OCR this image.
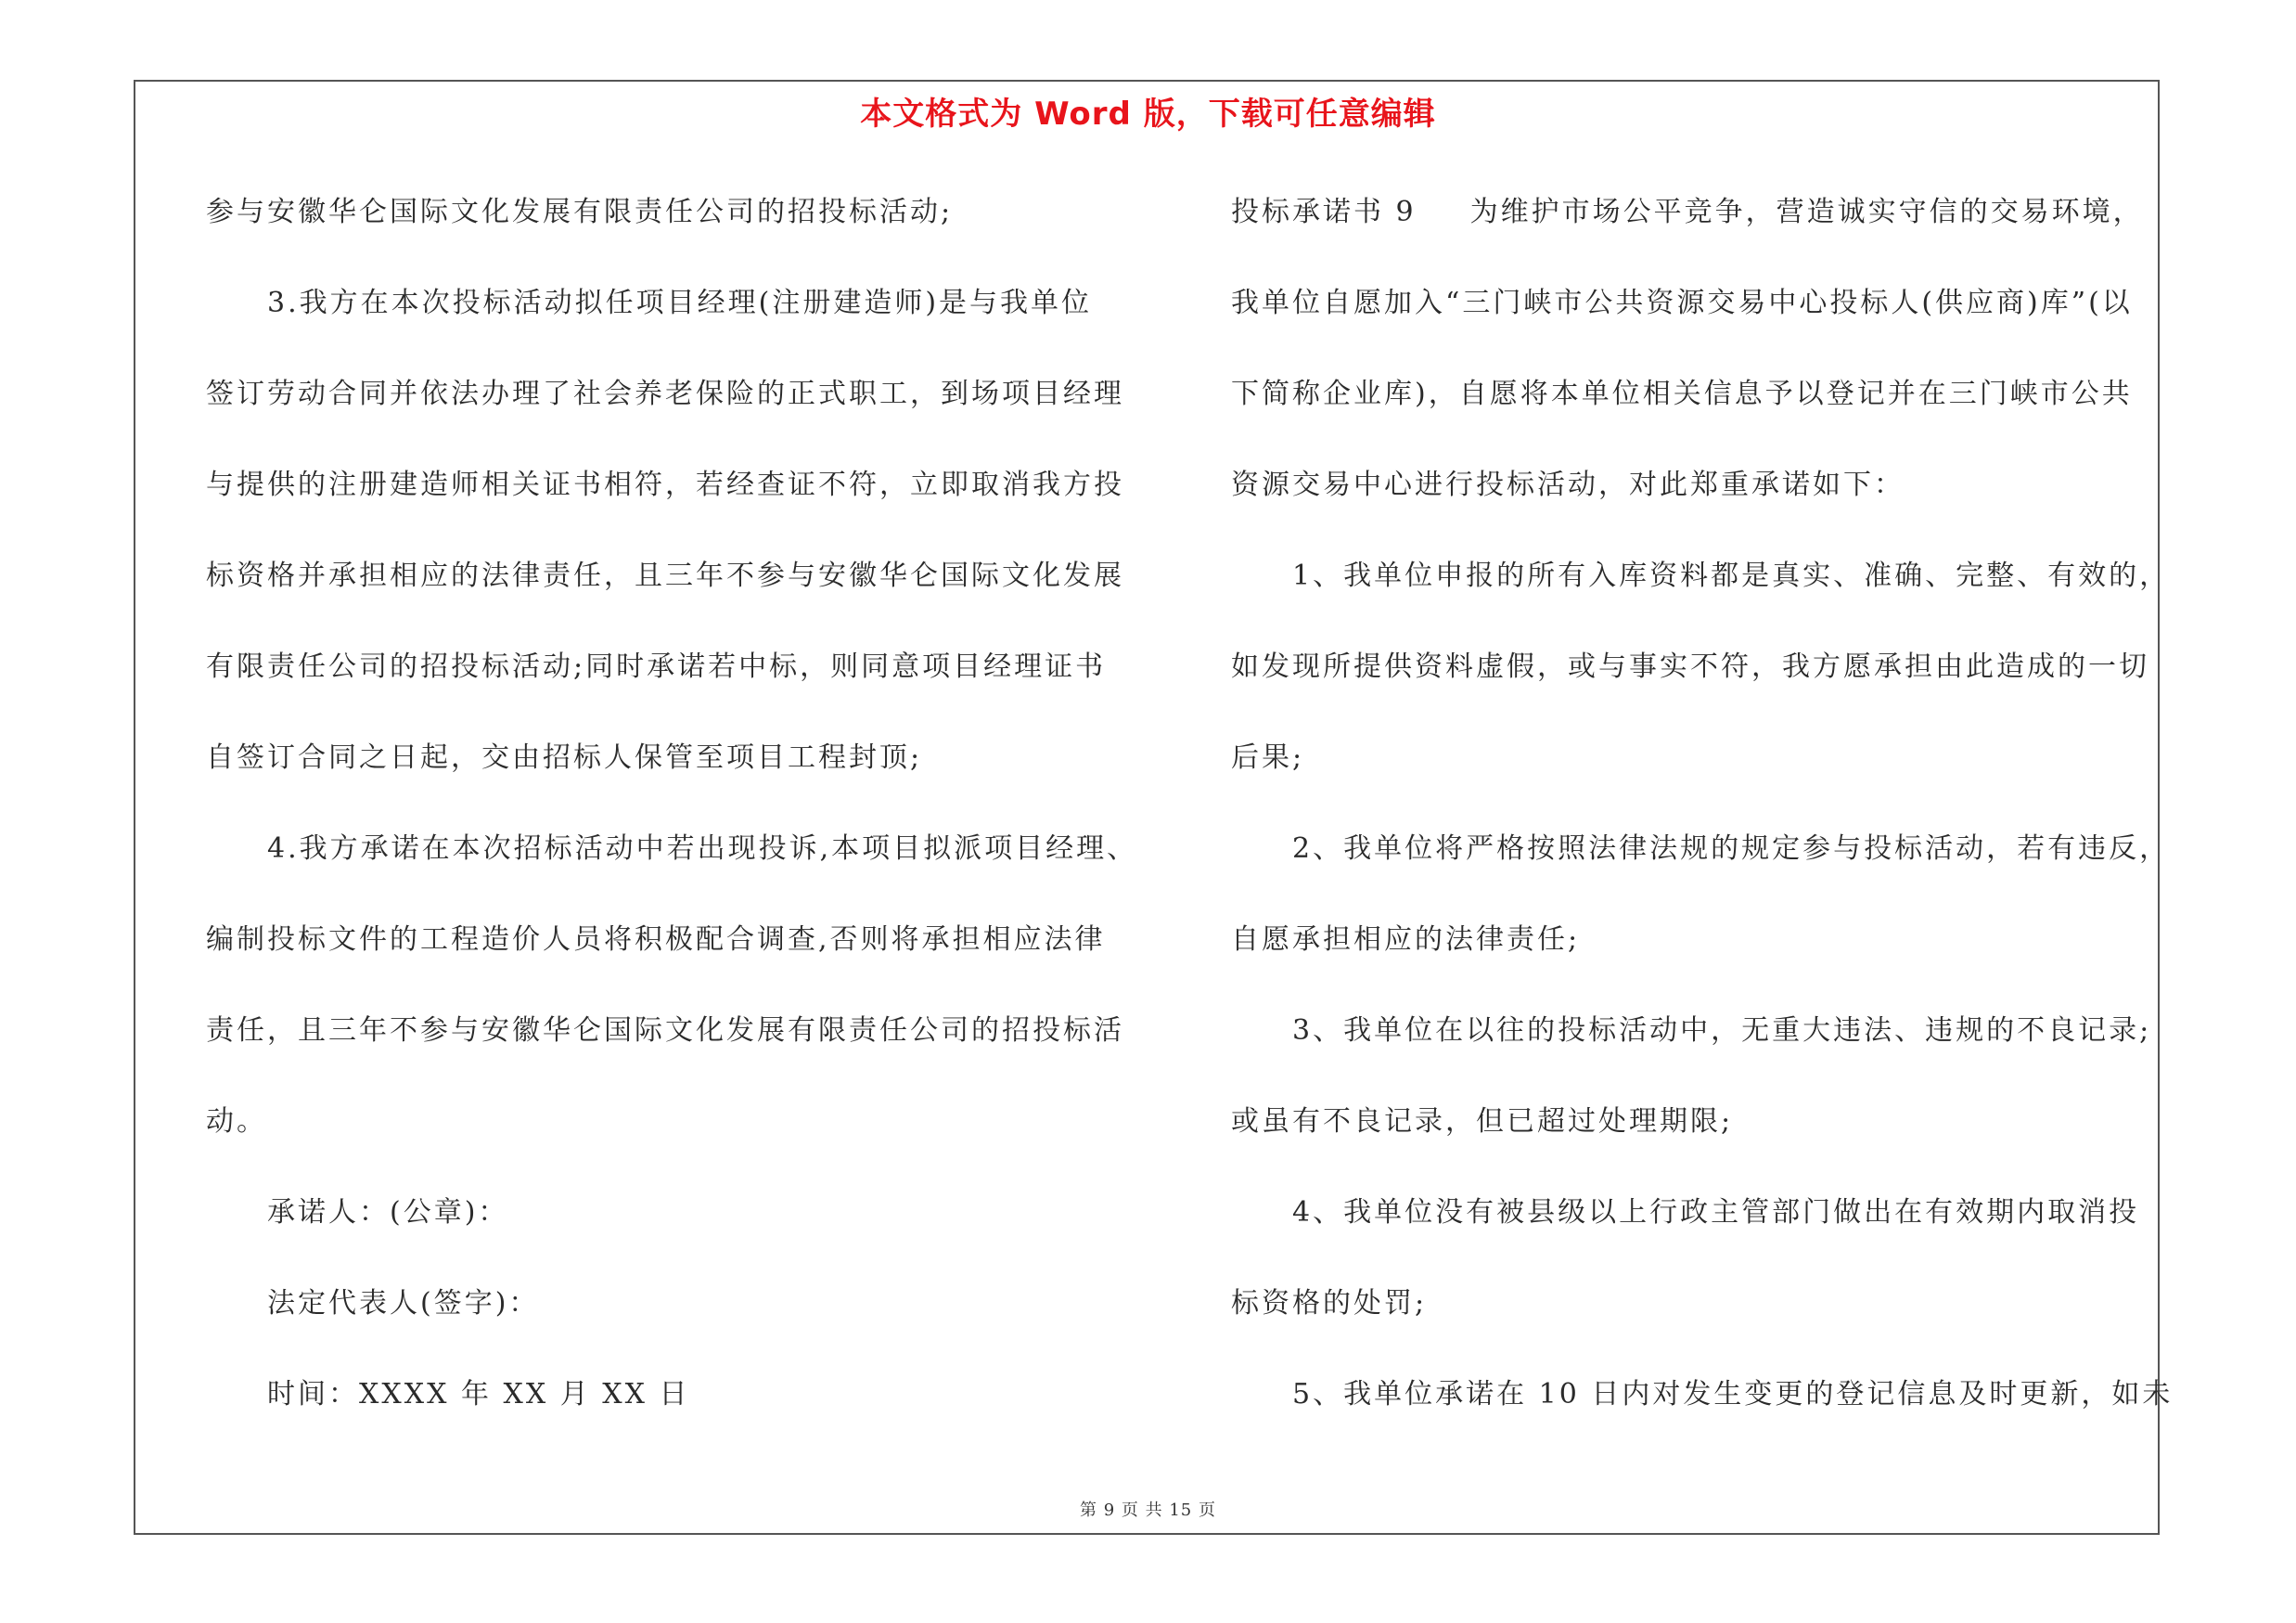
本文格式为 Word 版，下载可任意编辑
参与安徽华仑国际文化发展有限责任公司的招投标活动;
3.我方在本次投标活动拟任项目经理(注册建造师)是与我单位
签订劳动合同并依法办理了社会养老保险的正式职工，到场项目经理
与提供的注册建造师相关证书相符，若经查证不符，立即取消我方投
标资格并承担相应的法律责任，且三年不参与安徽华仑国际文化发展
有限责任公司的招投标活动;同时承诺若中标，则同意项目经理证书
自签订合同之日起，交由招标人保管至项目工程封顶;
4.我方承诺在本次招标活动中若出现投诉,本项目拟派项目经理、
编制投标文件的工程造价人员将积极配合调查,否则将承担相应法律
责任，且三年不参与安徽华仑国际文化发展有限责任公司的招投标活
动。
承诺人：(公章)：
法定代表人(签字)：
时间：XXXX 年 XX 月 XX 日
投标承诺书 9 为维护市场公平竞争，营造诚实守信的交易环境，
我单位自愿加入“三门峡市公共资源交易中心投标人(供应商)库”(以
下简称企业库)，自愿将本单位相关信息予以登记并在三门峡市公共
资源交易中心进行投标活动，对此郑重承诺如下：
1、我单位申报的所有入库资料都是真实、准确、完整、有效的，
如发现所提供资料虚假，或与事实不符，我方愿承担由此造成的一切
后果;
2、我单位将严格按照法律法规的规定参与投标活动，若有违反，
自愿承担相应的法律责任;
3、我单位在以往的投标活动中，无重大违法、违规的不良记录;
或虽有不良记录，但已超过处理期限;
4、我单位没有被县级以上行政主管部门做出在有效期内取消投
标资格的处罚;
5、我单位承诺在 10 日内对发生变更的登记信息及时更新，如未
第 9 页 共 15 页
